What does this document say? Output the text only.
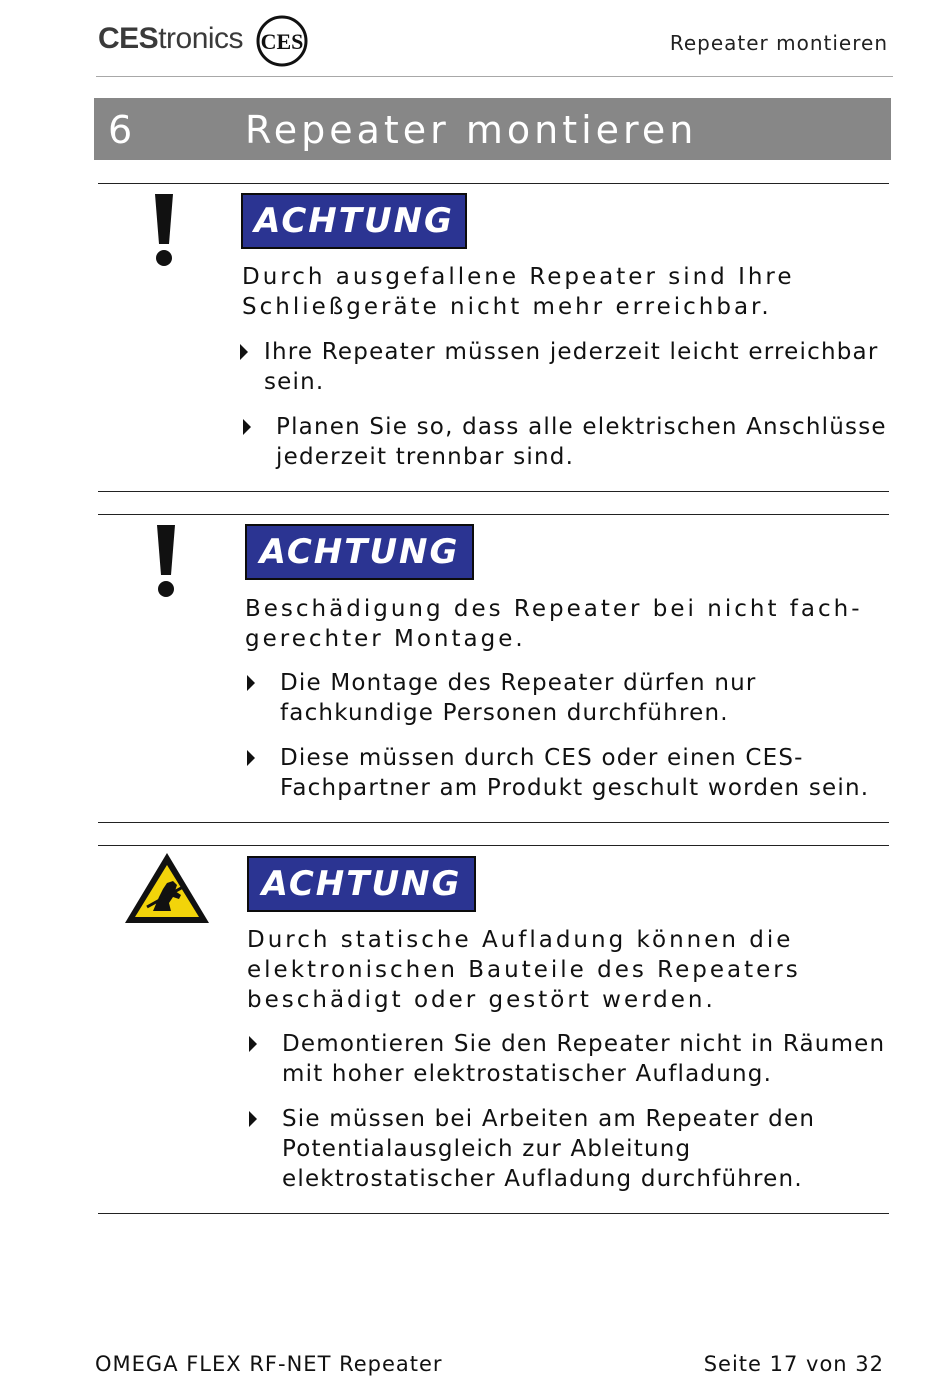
CEStronics CES	Repeater montieren
6	Repeater montieren
ACHTUNG
Durch ausgefallene Repeater sind Ihre
Schließgeräte nicht mehr erreichbar.
Ihre Repeater müssen jederzeit leicht erreichbar
sein.
Planen Sie so, dass alle elektrischen Anschlüsse
jederzeit trennbar sind.
ACHTUNG
Beschädigung des Repeater bei nicht fach-
gerechter Montage.
Die Montage des Repeater dürfen nur
fachkundige Personen durchführen.
Diese müssen durch CES oder einen CES-
Fachpartner am Produkt geschult worden sein.
ACHTUNG
Durch statische Aufladung können die
elektronischen Bauteile des Repeaters
beschädigt oder gestört werden.
Demontieren Sie den Repeater nicht in Räumen
mit hoher elektrostatischer Aufladung.
Sie müssen bei Arbeiten am Repeater den
Potentialausgleich zur Ableitung
elektrostatischer Aufladung durchführen.
OMEGA FLEX RF-NET Repeater	Seite 17 von 32
